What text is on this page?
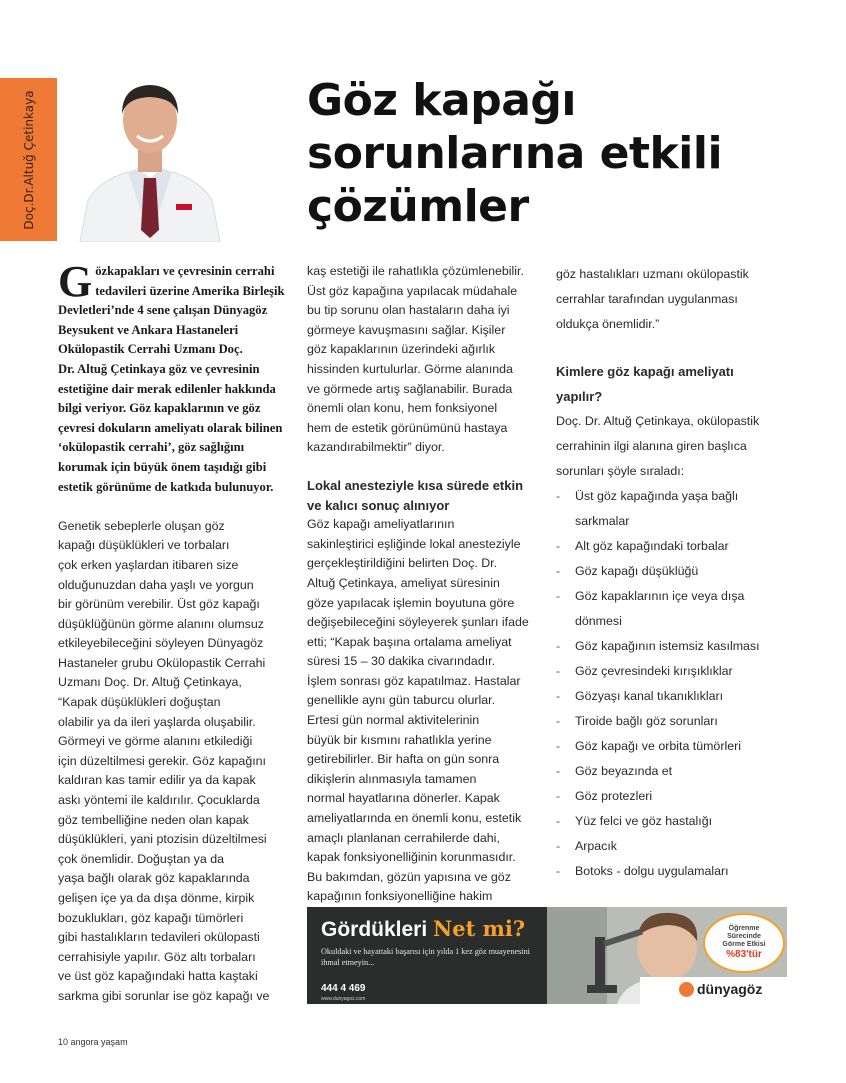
Doç.Dr.Altuğ Çetinkaya	Göz kapağı
sorunlarına etkili
çözümler
G özkapakları ve çevresinin cerrahi
tedavileri üzerine Amerika Birleşik
Devletleri’nde 4 sene çalışan Dünyagöz
Beysukent ve Ankara Hastaneleri
Okülopastik Cerrahi Uzmanı Doç.
Dr. Altuğ Çetinkaya göz ve çevresinin
estetiğine dair merak edilenler hakkında
bilgi veriyor. Göz kapaklarının ve göz
çevresi dokuların ameliyatı olarak bilinen
‘okülopastik cerrahi’, göz sağlığını
korumak için büyük önem taşıdığı gibi
estetik görünüme de katkıda bulunuyor.
Genetik sebeplerle oluşan göz
kapağı düşüklükleri ve torbaları
çok erken yaşlardan itibaren size
olduğunuzdan daha yaşlı ve yorgun
bir görünüm verebilir. Üst göz kapağı
düşüklüğünün görme alanını olumsuz
etkileyebileceğini söyleyen Dünyagöz
Hastaneler grubu Okülopastik Cerrahi
Uzmanı Doç. Dr. Altuğ Çetinkaya,
“Kapak düşüklükleri doğuştan
olabilir ya da ileri yaşlarda oluşabilir.
Görmeyi ve görme alanını etkilediği
için düzeltilmesi gerekir. Göz kapağını
kaldıran kas tamir edilir ya da kapak
askı yöntemi ile kaldırılır. Çocuklarda
göz tembelliğine neden olan kapak
düşüklükleri, yani ptozisin düzeltilmesi
çok önemlidir. Doğuştan ya da
yaşa bağlı olarak göz kapaklarında
gelişen içe ya da dışa dönme, kirpik
bozuklukları, göz kapağı tümörleri
gibi hastalıkların tedavileri okülopasti
cerrahisiyle yapılır. Göz altı torbaları
ve üst göz kapağındaki hatta kaştaki
sarkma gibi sorunlar ise göz kapağı ve
kaş estetiği ile rahatlıkla çözümlenebilir.
Üst göz kapağına yapılacak müdahale
bu tip sorunu olan hastaların daha iyi
görmeye kavuşmasını sağlar. Kişiler
göz kapaklarının üzerindeki ağırlık
hissinden kurtulurlar. Görme alanında
ve görmede artış sağlanabilir. Burada
önemli olan konu, hem fonksiyonel
hem de estetik görünümünü hastaya
kazandırabilmektir” diyor.
Lokal anesteziyle kısa sürede etkin
ve kalıcı sonuç alınıyor
Göz kapağı ameliyatlarının
sakinleştirici eşliğinde lokal anesteziyle
gerçekleştirildiğini belirten Doç. Dr.
Altuğ Çetinkaya, ameliyat süresinin
göze yapılacak işlemin boyutuna göre
değişebileceğini söyleyerek şunları ifade
etti; “Kapak başına ortalama ameliyat
süresi 15 – 30 dakika civarındadır.
İşlem sonrası göz kapatılmaz. Hastalar
genellikle aynı gün taburcu olurlar.
Ertesi gün normal aktivitelerinin
büyük bir kısmını rahatlıkla yerine
getirebilirler. Bir hafta on gün sonra
dikişlerin alınmasıyla tamamen
normal hayatlarına dönerler. Kapak
ameliyatlarında en önemli konu, estetik
amaçlı planlanan cerrahilerde dahi,
kapak fonksiyonelliğinin korunmasıdır.
Bu bakımdan, gözün yapısına ve göz
kapağının fonksiyonelliğine hakim
göz hastalıkları uzmanı okülopastik
cerrahlar tarafından uygulanması
oldukça önemlidir.”
Kimlere göz kapağı ameliyatı
yapılır?
Doç. Dr. Altuğ Çetinkaya, okülopastik
cerrahinin ilgi alanına giren başlıca
sorunları şöyle sıraladı:
- Üst göz kapağında yaşa bağlı
sarkmalar
- Alt göz kapağındaki torbalar
- Göz kapağı düşüklüğü
- Göz kapaklarının içe veya dışa
dönmesi
- Göz kapağının istemsiz kasılması
- Göz çevresindeki kırışıklıklar
- Gözyaşı kanal tıkanıklıkları
- Tiroide bağlı göz sorunları
- Göz kapağı ve orbita tümörleri
- Göz beyazında et
- Göz protezleri
- Yüz felci ve göz hastalığı
- Arpacık
- Botoks - dolgu uygulamaları
Gördükleri Net mi?
Okuldaki ve hayattaki başarısı için yılda 1 kez göz muayenesini ihmal etmeyin...
444 4 469
www.dunyagoz.com
Öğrenme
Sürecinde
Görme Etkisi
%83'tür
dünyagöz
10 angora yaşam
